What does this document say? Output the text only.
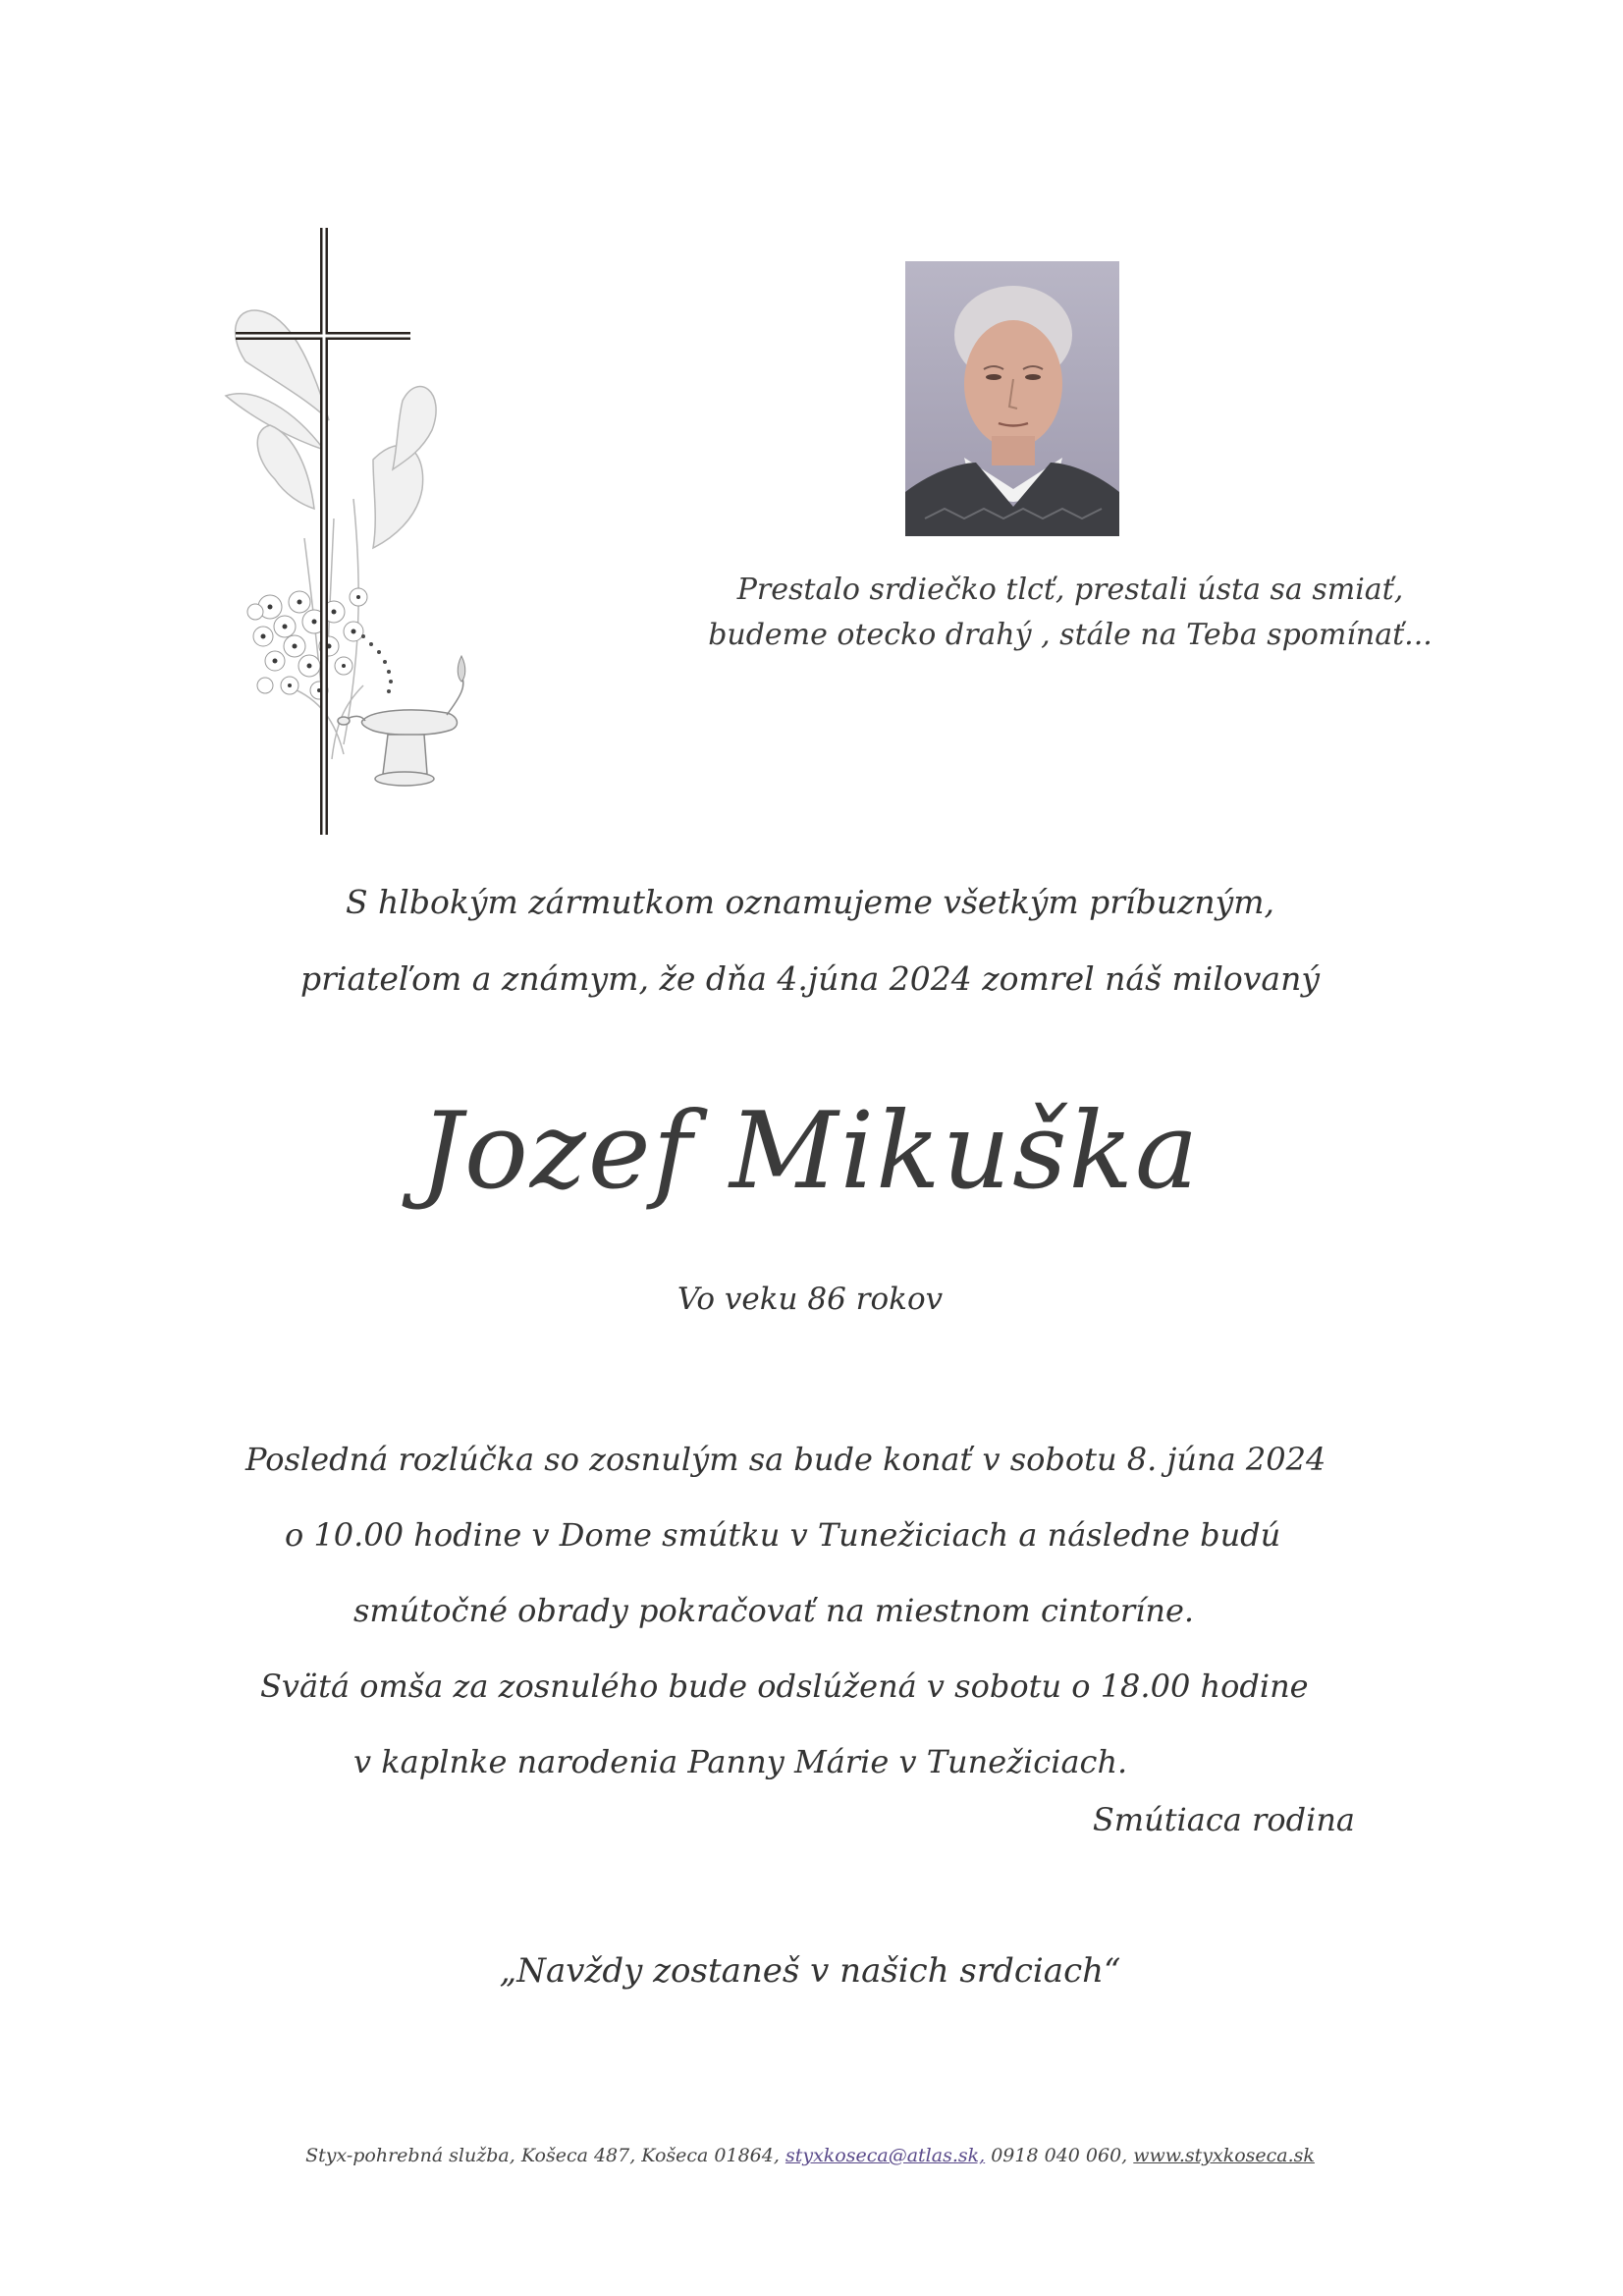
Prestalo srdiečko tlcť, prestali ústa sa smiať,
budeme otecko drahý , stále na Teba spomínať...
S hlbokým zármutkom oznamujeme všetkým príbuzným,
priateľom a známym, že dňa 4.júna 2024 zomrel náš milovaný
Jozef Mikuška
Vo veku 86 rokov
Posledná rozlúčka so zosnulým sa bude konať v sobotu 8. júna 2024
o 10.00 hodine v Dome smútku v Tunežiciach a následne budú
smútočné obrady pokračovať na miestnom cintoríne.
Svätá omša za zosnulého bude odslúžená v sobotu o 18.00 hodine
v kaplnke narodenia Panny Márie v Tunežiciach.
Smútiaca rodina
„Navždy zostaneš v našich srdciach“
Styx-pohrebná služba, Košeca 487, Košeca 01864, styxkoseca@atlas.sk, 0918 040 060, www.styxkoseca.sk
